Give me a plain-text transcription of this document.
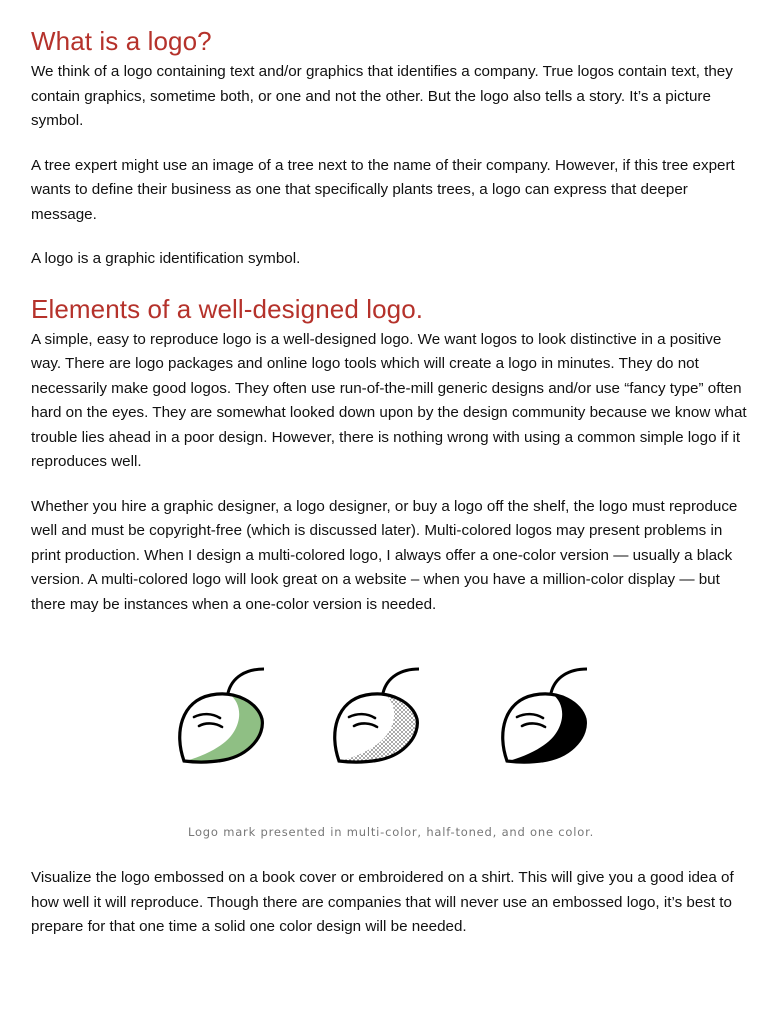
What is a logo?

We think of a logo containing text and/or graphics that identifies a company. True logos contain text, they contain graphics, sometime both, or one and not the other. But the logo also tells a story. It’s a picture symbol.

A tree expert might use an image of a tree next to the name of their company. However, if this tree expert wants to define their business as one that specifically plants trees, a logo can express that deeper message.

A logo is a graphic identification symbol.

Elements of a well-designed logo.

A simple, easy to reproduce logo is a well-designed logo. We want logos to look distinctive in a positive way. There are logo packages and online logo tools which will create a logo in minutes. They do not necessarily make good logos. They often use run-of-the-mill generic designs and/or use “fancy type” often hard on the eyes. They are somewhat looked down upon by the design community because we know what trouble lies ahead in a poor design. However, there is nothing wrong with using a common simple logo if it reproduces well.

Whether you hire a graphic designer, a logo designer, or buy a logo off the shelf, the logo must reproduce well and must be copyright-free (which is discussed later). Multi-colored logos may present problems in print production. When I design a multi-colored logo, I always offer a one-color version — usually a black version. A multi-colored logo will look great on a website – when you have a million-color display — but there may be instances when a one-color version is needed.

Logo mark presented in multi-color, half-toned, and one color.

Visualize the logo embossed on a book cover or embroidered on a shirt. This will give you a good idea of how well it will reproduce. Though there are companies that will never use an embossed logo, it’s best to prepare for that one time a solid one color design will be needed.
